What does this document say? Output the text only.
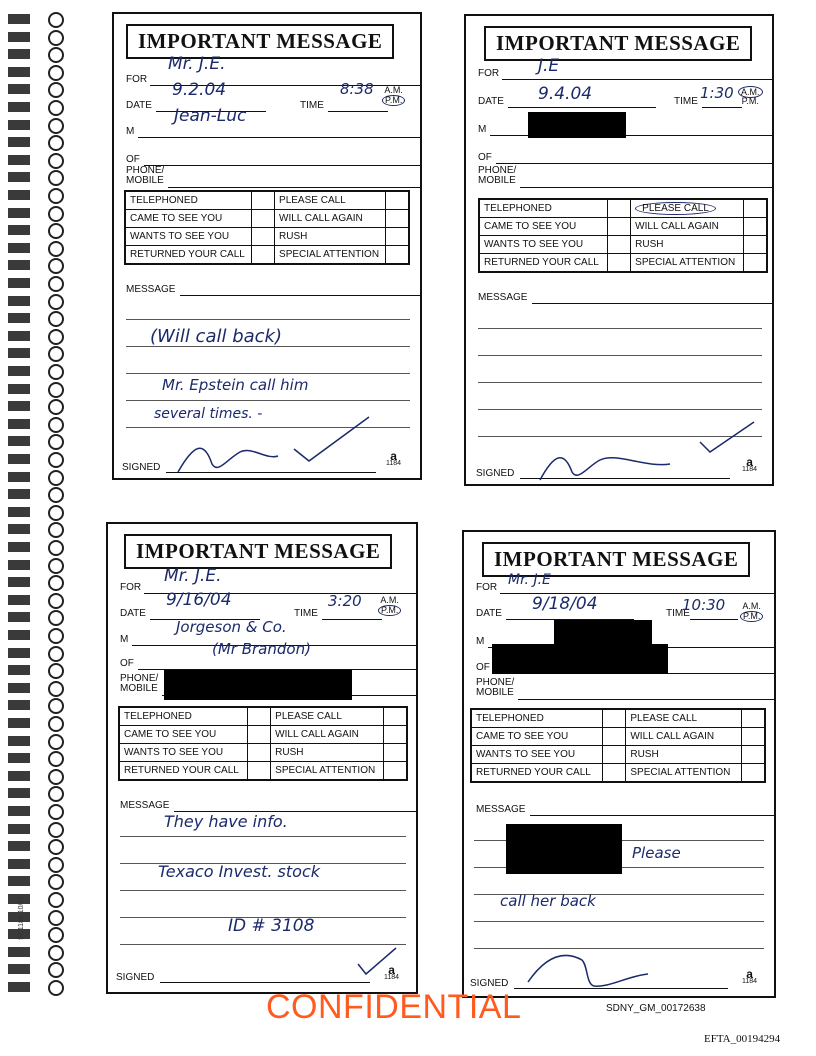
SC1184 10/01
IMPORTANT MESSAGE
FOR
Mr. J.E.
DATE	TIME
9.2.04	8:38 A.M.
P.M.
M
Jean-Luc
OF
PHONE/
MOBILE
TELEPHONED		PLEASE CALL	
CAME TO SEE YOU		WILL CALL AGAIN	
WANTS TO SEE YOU		RUSH	
RETURNED YOUR CALL		SPECIAL ATTENTION	
MESSAGE
(Will call back)
Mr. Epstein call him
several times. -
SIGNED
a
1184
IMPORTANT MESSAGE
FOR J.E
DATE	TIME
9.4.04	1:30 A.M.
P.M.
M
OF
PHONE/
MOBILE
TELEPHONED		PLEASE CALL	
CAME TO SEE YOU		WILL CALL AGAIN	
WANTS TO SEE YOU		RUSH	
RETURNED YOUR CALL		SPECIAL ATTENTION	
MESSAGE
SIGNED
a
1184
IMPORTANT MESSAGE
FOR
Mr. J.E.
DATE	TIME
9/16/04	3:20 A.M.
P.M.
M
Jorgeson & Co.
OF
(Mr Brandon)
PHONE/
MOBILE
TELEPHONED		PLEASE CALL	
CAME TO SEE YOU		WILL CALL AGAIN	
WANTS TO SEE YOU		RUSH	
RETURNED YOUR CALL		SPECIAL ATTENTION	
MESSAGE
They have info.
Texaco Invest. stock
ID # 3108
SIGNED
a
1184
IMPORTANT MESSAGE
FOR Mr. J.E
DATE	TIME
9/18/04	10:30 A.M.
P.M.
M
OF
PHONE/
MOBILE
TELEPHONED		PLEASE CALL	
CAME TO SEE YOU		WILL CALL AGAIN	
WANTS TO SEE YOU		RUSH	
RETURNED YOUR CALL		SPECIAL ATTENTION	
MESSAGE
Please
call her back
SIGNED
a
1184
CONFIDENTIAL	SDNY_GM_00172638
EFTA_00194294
